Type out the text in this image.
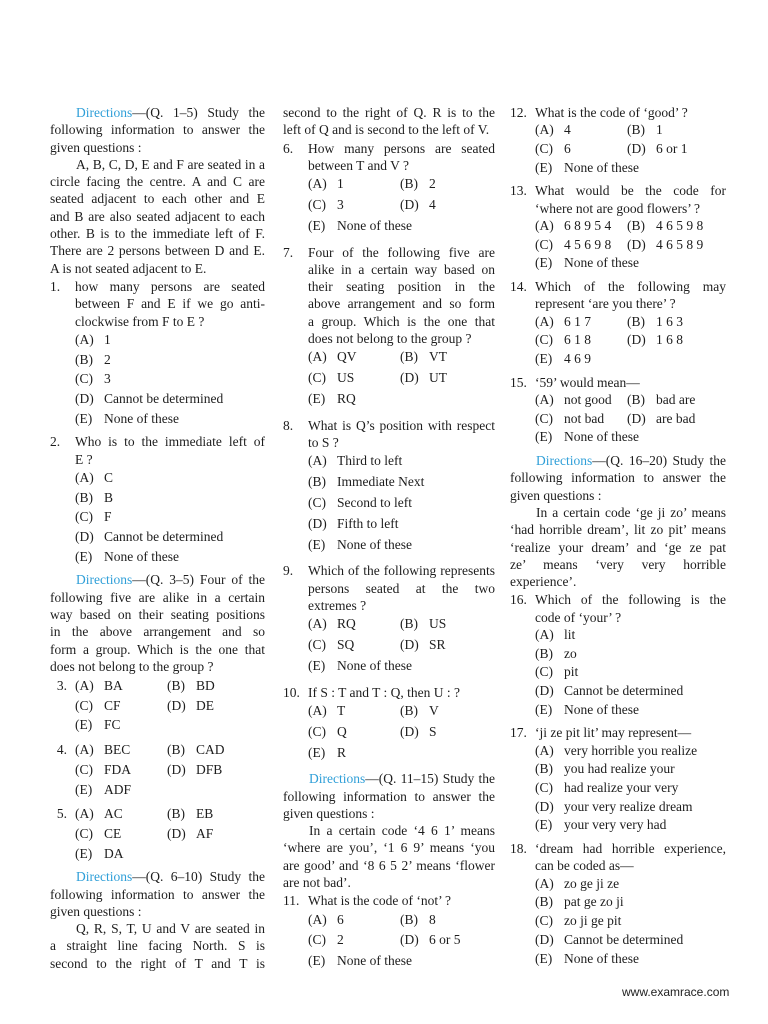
Directions—(Q. 1–5) Study the
following information to answer the
given questions :
A, B, C, D, E and F are seated in a
circle facing the centre. A and C are
seated adjacent to each other and E
and B are also seated adjacent to each
other. B is to the immediate left of F.
There are 2 persons between D and E.
A is not seated adjacent to E.
1.	how many persons are seated
between F and E if we go anti-
clockwise from F to E ?
(A) 1
(B) 2
(C) 3
(D) Cannot be determined
(E) None of these
2.	Who is to the immediate left of
E ?
(A) C
(B) B
(C) F
(D) Cannot be determined
(E) None of these
Directions—(Q. 3–5) Four of the
following five are alike in a certain
way based on their seating positions
in the above arrangement and so
form a group. Which is the one that
does not belong to the group ?
3. (A) BA	(B) BD
(C) CF	(D) DE
(E) FC
4. (A) BEC	(B) CAD
(C) FDA	(D) DFB
(E) ADF
5. (A) AC	(B) EB
(C) CE	(D) AF
(E) DA
Directions—(Q. 6–10) Study the
following information to answer the
given questions :
Q, R, S, T, U and V are seated in
a straight line facing North. S is
second to the right of T and T is
second to the right of Q. R is to the
left of Q and is second to the left of V.
6.	How many persons are seated
between T and V ?
(A) 1	(B) 2
(C) 3	(D) 4
(E) None of these
7.	Four of the following five are
alike in a certain way based on
their seating position in the
above arrangement and so form
a group. Which is the one that
does not belong to the group ?
(A) QV	(B) VT
(C) US	(D) UT
(E) RQ
8.	What is Q’s position with respect
to S ?
(A) Third to left
(B) Immediate Next
(C) Second to left
(D) Fifth to left
(E) None of these
9.	Which of the following represents
persons seated at the two
extremes ?
(A) RQ	(B) US
(C) SQ	(D) SR
(E) None of these
10. If S : T and T : Q, then U : ?
(A) T	(B) V
(C) Q	(D) S
(E) R
Directions—(Q. 11–15) Study the
following information to answer the
given questions :
In a certain code ‘4 6 1’ means
‘where are you’, ‘1 6 9’ means ‘you
are good’ and ‘8 6 5 2’ means ‘flower
are not bad’.
11. What is the code of ‘not’ ?
(A) 6	(B) 8
(C) 2	(D) 6 or 5
(E) None of these
12. What is the code of ‘good’ ?
(A) 4	(B) 1
(C) 6	(D) 6 or 1
(E) None of these
13. What would be the code for
‘where not are good flowers’ ?
(A) 6 8 9 5 4 (B) 4 6 5 9 8
(C) 4 5 6 9 8 (D) 4 6 5 8 9
(E) None of these
14. Which of the following may
represent ‘are you there’ ?
(A) 6 1 7	(B) 1 6 3
(C) 6 1 8	(D) 1 6 8
(E) 4 6 9
15. ‘59’ would mean—
(A) not good (B) bad are
(C) not bad (D) are bad
(E) None of these
Directions—(Q. 16–20) Study the
following information to answer the
given questions :
In a certain code ‘ge ji zo’ means
‘had horrible dream’, lit zo pit’ means
‘realize your dream’ and ‘ge ze pat
ze’ means ‘very very horrible
experience’.
16. Which of the following is the
code of ‘your’ ?
(A) lit
(B) zo
(C) pit
(D) Cannot be determined
(E) None of these
17. ‘ji ze pit lit’ may represent—
(A) very horrible you realize
(B) you had realize your
(C) had realize your very
(D) your very realize dream
(E) your very very had
18. ‘dream had horrible experience,
can be coded as—
(A) zo ge ji ze
(B) pat ge zo ji
(C) zo ji ge pit
(D) Cannot be determined
(E) None of these
www.examrace.com
